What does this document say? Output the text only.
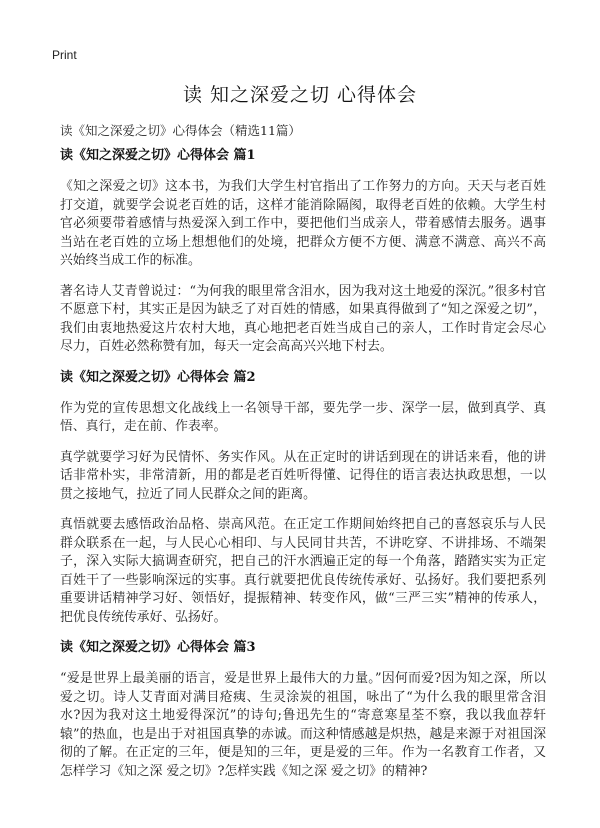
Print
读 知之深爱之切 心得体会
读《知之深爱之切》心得体会（精选11篇）
读《知之深爱之切》心得体会 篇1

《知之深爱之切》这本书，为我们大学生村官指出了工作努力的方向。天天与老百姓打交道，就要学会说老百姓的话，这样才能消除隔阂，取得老百姓的依赖。大学生村官必须要带着感情与热爱深入到工作中，要把他们当成亲人，带着感情去服务。遇事当站在老百姓的立场上想想他们的处境，把群众方便不方便、满意不满意、高兴不高兴始终当成工作的标准。

著名诗人艾青曾说过：“为何我的眼里常含泪水，因为我对这土地爱的深沉。”很多村官不愿意下村，其实正是因为缺乏了对百姓的情感，如果真得做到了“知之深爱之切”，我们由衷地热爱这片农村大地，真心地把老百姓当成自己的亲人，工作时肯定会尽心尽力，百姓必然称赞有加，每天一定会高高兴兴地下村去。

读《知之深爱之切》心得体会 篇2

作为党的宣传思想文化战线上一名领导干部，要先学一步、深学一层，做到真学、真悟、真行，走在前、作表率。

真学就要学习好为民情怀、务实作风。从在正定时的讲话到现在的讲话来看，他的讲话非常朴实，非常清新，用的都是老百姓听得懂、记得住的语言表达执政思想，一以贯之接地气，拉近了同人民群众之间的距离。

真悟就要去感悟政治品格、崇高风范。在正定工作期间始终把自己的喜怒哀乐与人民群众联系在一起，与人民心心相印、与人民同甘共苦，不讲吃穿、不讲排场、不端架子，深入实际大搞调查研究，把自己的汗水洒遍正定的每一个角落，踏踏实实为正定百姓干了一些影响深远的实事。真行就要把优良传统传承好、弘扬好。我们要把系列重要讲话精神学习好、领悟好，提振精神、转变作风，做“三严三实”精神的传承人，把优良传统传承好、弘扬好。

读《知之深爱之切》心得体会 篇3

“爱是世界上最美丽的语言，爱是世界上最伟大的力量。”因何而爱?因为知之深，所以爱之切。诗人艾青面对满目疮痍、生灵涂炭的祖国，咏出了“为什么我的眼里常含泪水?因为我对这土地爱得深沉”的诗句;鲁迅先生的“寄意寒星荃不察，我以我血荐轩辕”的热血，也是出于对祖国真挚的赤诚。而这种情感越是炽热，越是来源于对祖国深彻的了解。在正定的三年，便是知的三年，更是爱的三年。作为一名教育工作者，又怎样学习《知之深 爱之切》?怎样实践《知之深 爱之切》的精神?
